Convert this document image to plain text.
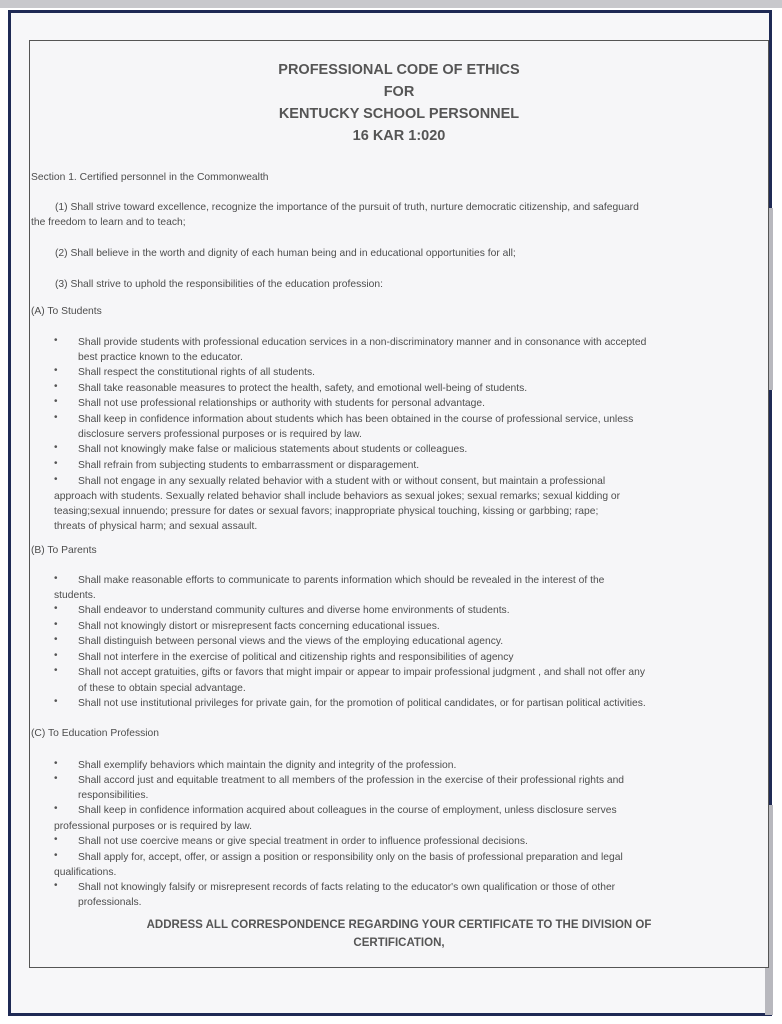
PROFESSIONAL CODE OF ETHICS
FOR
KENTUCKY SCHOOL PERSONNEL
16 KAR 1:020
Section 1. Certified personnel in the Commonwealth
(1) Shall strive toward excellence, recognize the importance of the pursuit of truth, nurture democratic citizenship, and safeguard
the freedom to learn and to teach;
(2) Shall believe in the worth and dignity of each human being and in educational opportunities for all;
(3) Shall strive to uphold the responsibilities of the education profession:
(A) To Students
• Shall provide students with professional education services in a non-discriminatory manner and in consonance with accepted
best practice known to the educator.
• Shall respect the constitutional rights of all students.
• Shall take reasonable measures to protect the health, safety, and emotional well-being of students.
• Shall not use professional relationships or authority with students for personal advantage.
• Shall keep in confidence information about students which has been obtained in the course of professional service, unless
disclosure servers professional purposes or is required by law.
• Shall not knowingly make false or malicious statements about students or colleagues.
• Shall refrain from subjecting students to embarrassment or disparagement.
• Shall not engage in any sexually related behavior with a student with or without consent, but maintain a professional
approach with students. Sexually related behavior shall include behaviors as sexual jokes; sexual remarks; sexual kidding or
teasing;sexual innuendo; pressure for dates or sexual favors; inappropriate physical touching, kissing or garbbing; rape;
threats of physical harm; and sexual assault.
(B) To Parents
• Shall make reasonable efforts to communicate to parents information which should be revealed in the interest of the
students.
• Shall endeavor to understand community cultures and diverse home environments of students.
• Shall not knowingly distort or misrepresent facts concerning educational issues.
• Shall distinguish between personal views and the views of the employing educational agency.
• Shall not interfere in the exercise of political and citizenship rights and responsibilities of agency
• Shall not accept gratuities, gifts or favors that might impair or appear to impair professional judgment , and shall not offer any
of these to obtain special advantage.
• Shall not use institutional privileges for private gain, for the promotion of political candidates, or for partisan political activities.
(C) To Education Profession
• Shall exemplify behaviors which maintain the dignity and integrity of the profession.
• Shall accord just and equitable treatment to all members of the profession in the exercise of their professional rights and
responsibilities.
• Shall keep in confidence information acquired about colleagues in the course of employment, unless disclosure serves
professional purposes or is required by law.
• Shall not use coercive means or give special treatment in order to influence professional decisions.
• Shall apply for, accept, offer, or assign a position or responsibility only on the basis of professional preparation and legal
qualifications.
• Shall not knowingly falsify or misrepresent records of facts relating to the educator's own qualification or those of other
professionals.
ADDRESS ALL CORRESPONDENCE REGARDING YOUR CERTIFICATE TO THE DIVISION OF
CERTIFICATION,
